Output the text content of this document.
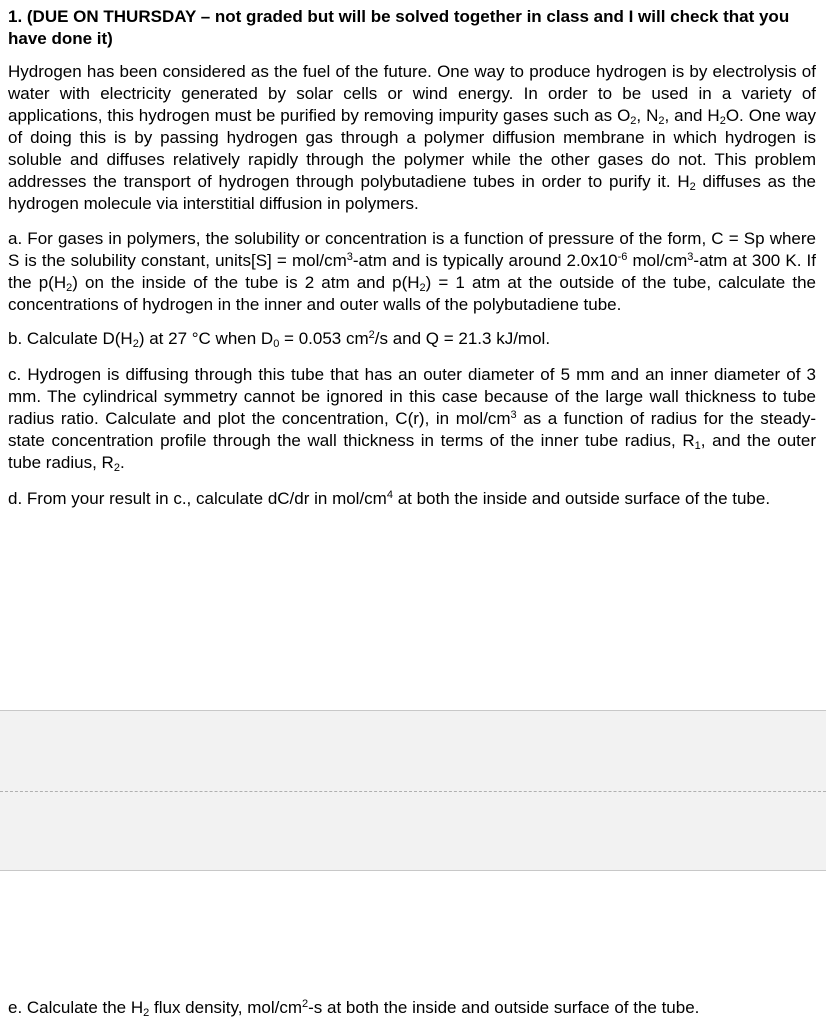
1. (DUE ON THURSDAY – not graded but will be solved together in class and I will check that you have done it)

Hydrogen has been considered as the fuel of the future. One way to produce hydrogen is by electrolysis of water with electricity generated by solar cells or wind energy. In order to be used in a variety of applications, this hydrogen must be purified by removing impurity gases such as $O_2$, $N_2$, and $H_2O$. One way of doing this is by passing hydrogen gas through a polymer diffusion membrane in which hydrogen is soluble and diffuses relatively rapidly through the polymer while the other gases do not. This problem addresses the transport of hydrogen through polybutadiene tubes in order to purify it. $H_2$ diffuses as the hydrogen molecule via interstitial diffusion in polymers.

a. For gases in polymers, the solubility or concentration is a function of pressure of the form, C = Sp where S is the solubility constant, units[S] = mol/$cm^3$-atm and is typically around $2.0x10^{-6}$ mol/$cm^3$-atm at 300 K. If the $p(H_2)$ on the inside of the tube is 2 atm and $p(H_2) = 1$ atm at the outside of the tube, calculate the concentrations of hydrogen in the inner and outer walls of the polybutadiene tube.

b. Calculate $D(H_2)$ at 27 °C when $D_0 = 0.053$ $cm^2/s$ and Q = 21.3 kJ/mol.

c. Hydrogen is diffusing through this tube that has an outer diameter of 5 mm and an inner diameter of 3 mm. The cylindrical symmetry cannot be ignored in this case because of the large wall thickness to tube radius ratio. Calculate and plot the concentration, C(r), in mol/$cm^3$ as a function of radius for the steady-state concentration profile through the wall thickness in terms of the inner tube radius, $R_1$, and the outer tube radius, $R_2$.

d. From your result in c., calculate dC/dr in mol/$cm^4$ at both the inside and outside surface of the tube.

e. Calculate the $H_2$ flux density, mol/$cm^2-s$ at both the inside and outside surface of the tube.
